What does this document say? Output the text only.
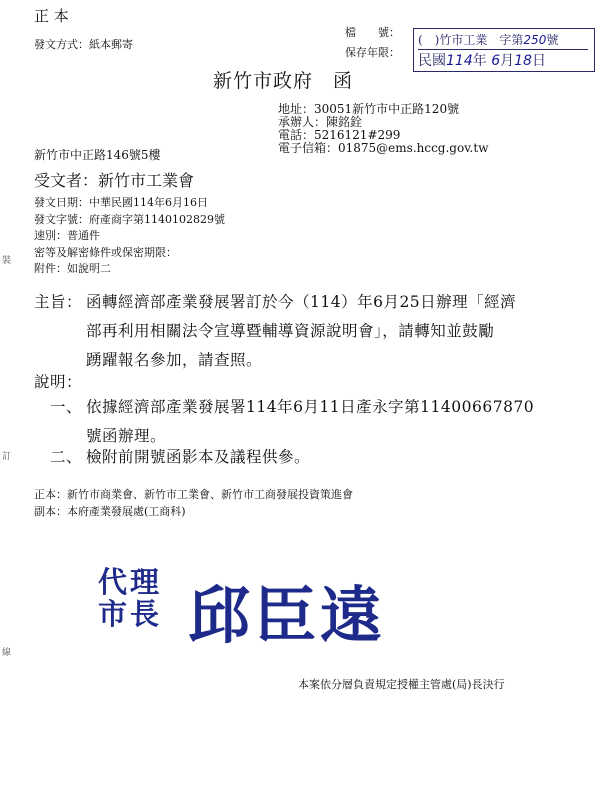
正 本
發文方式：紙本郵寄
檔　　號：
保存年限：
(　)竹市工業　 字第250號
民國114年 6月18日
新竹市政府　函
地址：30051新竹市中正路120號
承辦人：陳銘銓
電話：5216121#299
電子信箱：01875@ems.hccg.gov.tw
新竹市中正路146號5樓
受文者：新竹市工業會
發文日期：中華民國114年6月16日
發文字號：府產商字第1140102829號
速別：普通件
密等及解密條件或保密期限：
附件：如說明二
主旨： 函轉經濟部產業發展署訂於今（114）年6月25日辦理「經濟
部再利用相關法令宣導暨輔導資源說明會」，請轉知並鼓勵
踴躍報名參加，請查照。
說明：
一、 依據經濟部產業發展署114年6月11日產永字第11400667870
號函辦理。
二、 檢附前開號函影本及議程供參。
正本：新竹市商業會、新竹市工業會、新竹市工商發展投資策進會
副本：本府產業發展處(工商科)
代理
市長 邱臣遠
本案依分層負責規定授權主管處(局)長決行
裝
訂
線
